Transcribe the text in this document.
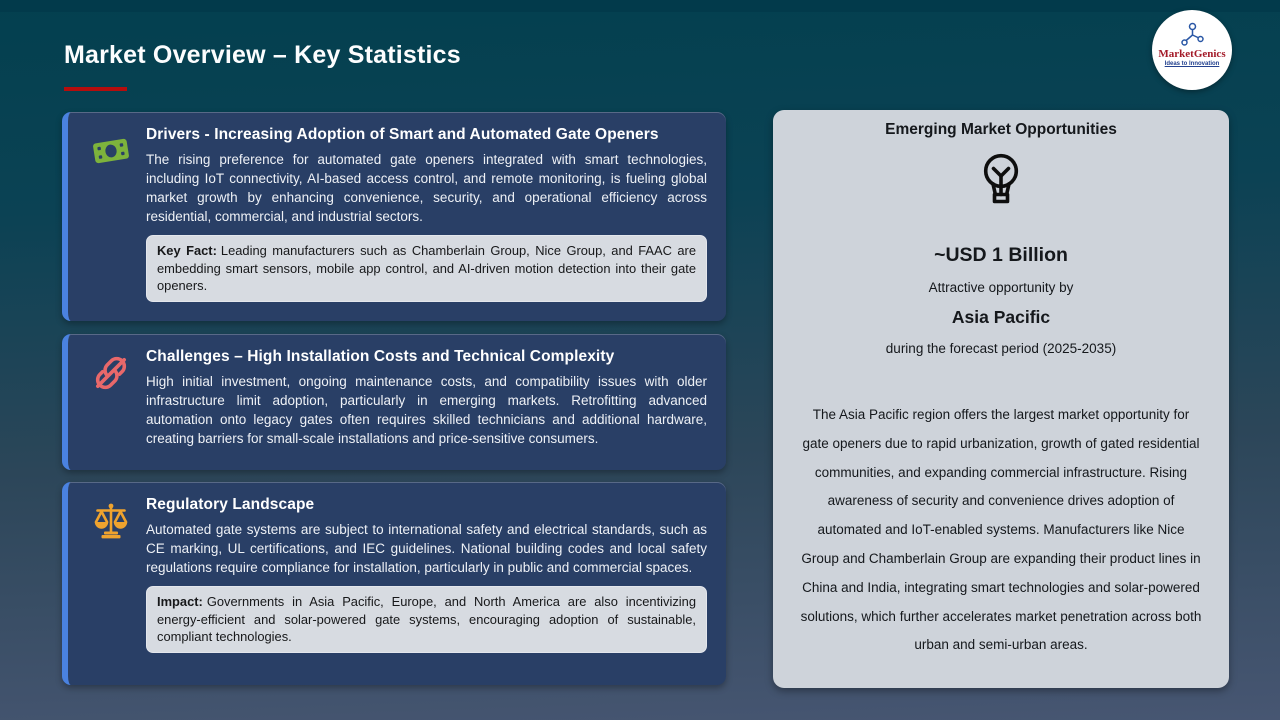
Market Overview – Key Statistics
Drivers - Increasing Adoption of Smart and Automated Gate Openers
The rising preference for automated gate openers integrated with smart technologies, including IoT connectivity, AI-based access control, and remote monitoring, is fueling global market growth by enhancing convenience, security, and operational efficiency across residential, commercial, and industrial sectors.
Key Fact: Leading manufacturers such as Chamberlain Group, Nice Group, and FAAC are embedding smart sensors, mobile app control, and AI-driven motion detection into their gate openers.
Challenges – High Installation Costs and Technical Complexity
High initial investment, ongoing maintenance costs, and compatibility issues with older infrastructure limit adoption, particularly in emerging markets. Retrofitting advanced automation onto legacy gates often requires skilled technicians and additional hardware, creating barriers for small-scale installations and price-sensitive consumers.
Regulatory Landscape
Automated gate systems are subject to international safety and electrical standards, such as CE marking, UL certifications, and IEC guidelines. National building codes and local safety regulations require compliance for installation, particularly in public and commercial spaces.
Impact: Governments in Asia Pacific, Europe, and North America are also incentivizing energy-efficient and solar-powered gate systems, encouraging adoption of sustainable, compliant technologies.
Emerging Market Opportunities
~USD 1 Billion
Attractive opportunity by
Asia Pacific
during the forecast period (2025-2035)
The Asia Pacific region offers the largest market opportunity for gate openers due to rapid urbanization, growth of gated residential communities, and expanding commercial infrastructure. Rising awareness of security and convenience drives adoption of automated and IoT-enabled systems. Manufacturers like Nice Group and Chamberlain Group are expanding their product lines in China and India, integrating smart technologies and solar-powered solutions, which further accelerates market penetration across both urban and semi-urban areas.
MarketGenics
Ideas to Innovation
